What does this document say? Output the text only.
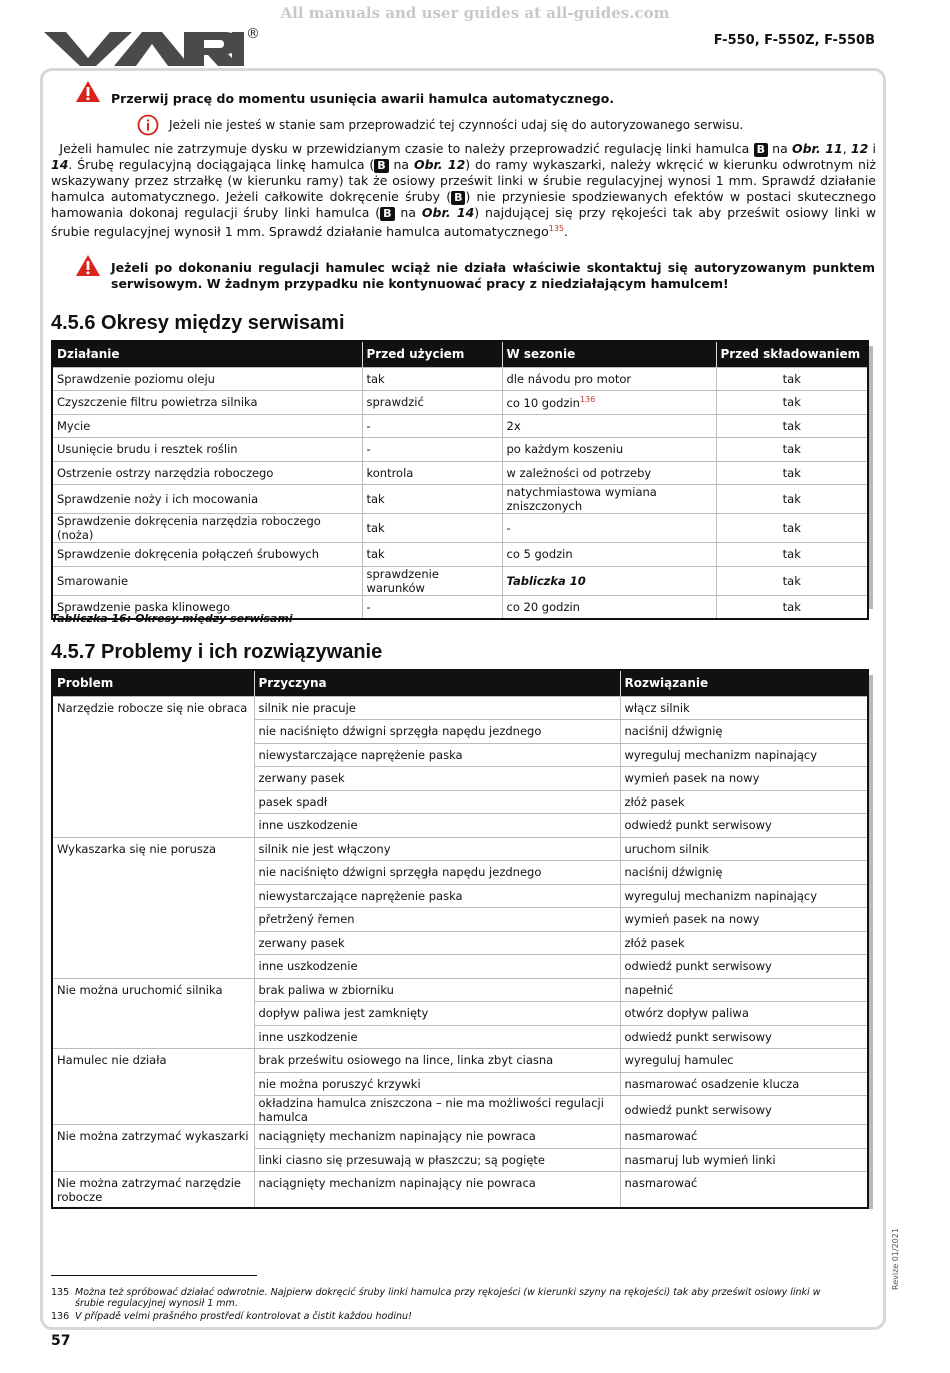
All manuals and user guides at all-guides.com
®	F-550, F-550Z, F-550B
Przerwij pracę do momentu usunięcia awarii hamulca automatycznego.
Jeżeli nie jesteś w stanie sam przeprowadzić tej czynności udaj się do autoryzowanego serwisu.
Jeżeli hamulec nie zatrzymuje dysku w przewidzianym czasie to należy przeprowadzić regulację linki hamulca B na Obr. 11, 12 i 14. Śrubę regulacyjną dociągająca linkę hamulca ( B na Obr. 12) do ramy wykaszarki, należy wkręcić w kierunku odwrotnym niż wskazywany przez strzałkę (w kierunku ramy) tak że osiowy prześwit linki w śrubie regulacyjnej wynosi 1 mm. Sprawdź działanie hamulca automatycznego. Jeżeli całkowite dokręcenie śruby ( B ) nie przyniesie spodziewanych efektów w postaci skutecznego hamowania dokonaj regulacji śruby linki hamulca ( B na Obr. 14) najdującej się przy rękojeści tak aby prześwit osiowy linki w śrubie regulacyjnej wynosił 1 mm. Sprawdź działanie hamulca automatycznego$^{135}$.
Jeżeli po dokonaniu regulacji hamulec wciąż nie działa właściwie skontaktuj się autoryzowanym punktem serwisowym. W żadnym przypadku nie kontynuować pracy z niedziałającym hamulcem!
4.5.6 Okresy między serwisami
Działanie	Przed użyciem	W sezonie	Przed składowaniem
Sprawdzenie poziomu oleju	tak	dle návodu pro motor	tak
Czyszczenie filtru powietrza silnika	sprawdzić	co 10 godzin$^{136}$	tak
Mycie	-	2x	tak
Usunięcie brudu i resztek roślin	-	po każdym koszeniu	tak
Ostrzenie ostrzy narzędzia roboczego	kontrola	w zależności od potrzeby	tak
Sprawdzenie noży i ich mocowania	tak	natychmiastowa wymiana zniszczonych	tak
Sprawdzenie dokręcenia narzędzia roboczego (noża)	tak	-	tak
Sprawdzenie dokręcenia połączeń śrubowych	tak	co 5 godzin	tak
Smarowanie	sprawdzenie warunków	Tabliczka 10	tak
Sprawdzenie paska klinowego	-	co 20 godzin	tak
Tabliczka 16: Okresy między serwisami
4.5.7 Problemy i ich rozwiązywanie
Problem	Przyczyna	Rozwiązanie
Narzędzie robocze się nie obraca	silnik nie pracuje	włącz silnik
	nie naciśnięto dźwigni sprzęgła napędu jezdnego	naciśnij dźwignię
	niewystarczające naprężenie paska	wyreguluj mechanizm napinający
	zerwany pasek	wymień pasek na nowy
	pasek spadł	złóż pasek
	inne uszkodzenie	odwiedź punkt serwisowy
Wykaszarka się nie porusza	silnik nie jest włączony	uruchom silnik
	nie naciśnięto dźwigni sprzęgła napędu jezdnego	naciśnij dźwignię
	niewystarczające naprężenie paska	wyreguluj mechanizm napinający
	přetržený řemen	wymień pasek na nowy
	zerwany pasek	złóż pasek
	inne uszkodzenie	odwiedź punkt serwisowy
Nie można uruchomić silnika	brak paliwa w zbiorniku	napełnić
	dopływ paliwa jest zamknięty	otwórz dopływ paliwa
	inne uszkodzenie	odwiedź punkt serwisowy
Hamulec nie działa	brak prześwitu osiowego na lince, linka zbyt ciasna	wyreguluj hamulec
	nie można poruszyć krzywki	nasmarować osadzenie klucza
	okładzina hamulca zniszczona – nie ma możliwości regulacji hamulca	odwiedź punkt serwisowy
Nie można zatrzymać wykaszarki	naciągnięty mechanizm napinający nie powraca	nasmarować
	linki ciasno się przesuwają w płaszczu; są pogięte	nasmaruj lub wymień linki
Nie można zatrzymać narzędzie robocze	naciągnięty mechanizm napinający nie powraca	nasmarować
135 Można też spróbować działać odwrotnie. Najpierw dokręcić śruby linki hamulca przy rękojeści (w kierunki szyny na rękojeści) tak aby prześwit osiowy linki w śrubie regulacyjnej wynosił 1 mm.
136 V případě velmi prašného prostředí kontrolovat a čistit každou hodinu!
57
Revize 01/2021
